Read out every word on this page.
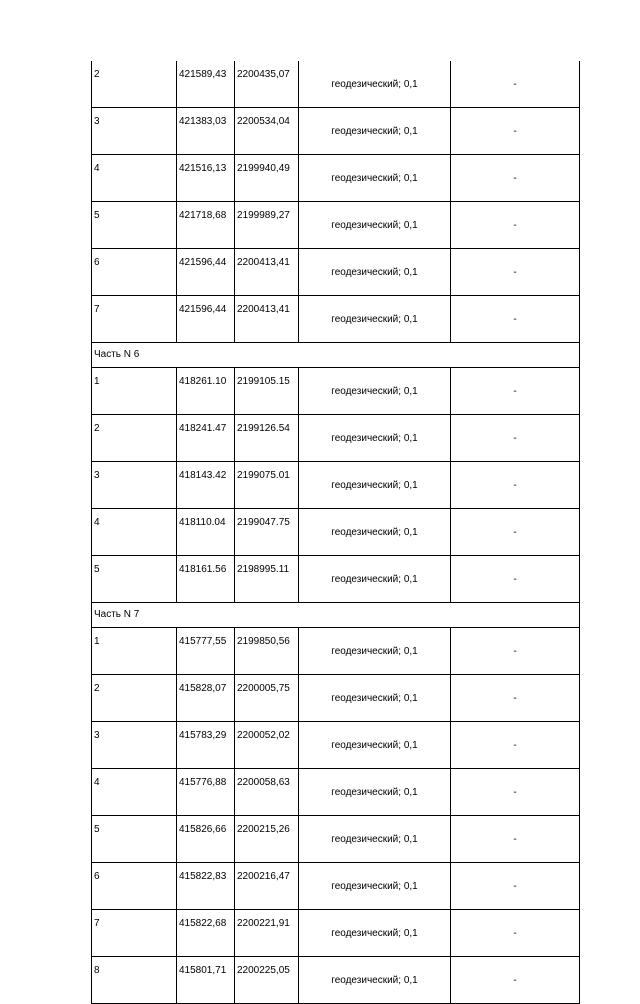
2	421589,43	2200435,07	геодезический; 0,1	-
3	421383,03	2200534,04	геодезический; 0,1	-
4	421516,13	2199940,49	геодезический; 0,1	-
5	421718,68	2199989,27	геодезический; 0,1	-
6	421596,44	2200413,41	геодезический; 0,1	-
7	421596,44	2200413,41	геодезический; 0,1	-
Часть N 6				
1	418261.10	2199105.15	геодезический; 0,1	-
2	418241.47	2199126.54	геодезический; 0,1	-
3	418143.42	2199075.01	геодезический; 0,1	-
4	418110.04	2199047.75	геодезический; 0,1	-
5	418161.56	2198995.11	геодезический; 0,1	-
Часть N 7				
1	415777,55	2199850,56	геодезический; 0,1	-
2	415828,07	2200005,75	геодезический; 0,1	-
3	415783,29	2200052,02	геодезический; 0,1	-
4	415776,88	2200058,63	геодезический; 0,1	-
5	415826,66	2200215,26	геодезический; 0,1	-
6	415822,83	2200216,47	геодезический; 0,1	-
7	415822,68	2200221,91	геодезический; 0,1	-
8	415801,71	2200225,05	геодезический; 0,1	-
